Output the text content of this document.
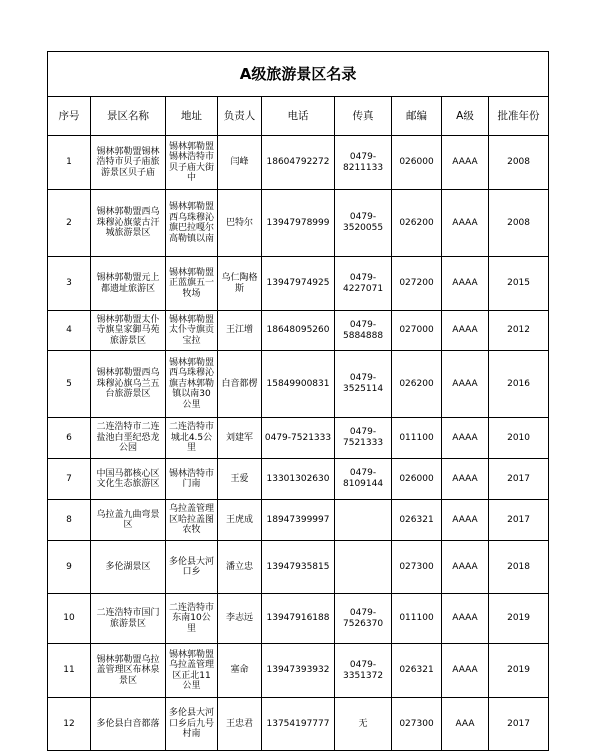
A级旅游景区名录								
序号	景区名称	地址	负责人	电话	传真	邮编	A级	批准年份
1	锡林郭勒盟锡林浩特市贝子庙旅游景区贝子庙	锡林郭勒盟锡林浩特市贝子庙大街中	闫峰	18604792272	0479-8211133	026000	AAAA	2008
2	锡林郭勒盟西乌珠穆沁旗蒙古汗城旅游景区	锡林郭勒盟西乌珠穆沁旗巴拉嘎尔高勒镇以南	巴特尔	13947978999	0479-3520055	026200	AAAA	2008
3	锡林郭勒盟元上都遗址旅游区	锡林郭勒盟正蓝旗五一牧场	乌仁陶格斯	13947974925	0479-4227071	027200	AAAA	2015
4	锡林郭勒盟太仆寺旗皇家御马苑旅游景区	锡林郭勒盟太仆寺旗贡宝拉	王江增	18648095260	0479-5884888	027000	AAAA	2012
5	锡林郭勒盟西乌珠穆沁旗乌兰五台旅游景区	锡林郭勒盟西乌珠穆沁旗吉林郭勒镇以南30公里	白音都楞	15849900831	0479-3525114	026200	AAAA	2016
6	二连浩特市二连盐池白垩纪恐龙公园	二连浩特市城北4.5公里	刘建军	0479-7521333	0479-7521333	011100	AAAA	2010
7	中国马都核心区文化生态旅游区	锡林浩特市门南	王爱	13301302630	0479-8109144	026000	AAAA	2017
8	乌拉盖九曲弯景区	乌拉盖管理区哈拉盖图农牧	王虎成	18947399997		026321	AAAA	2017
9	多伦湖景区	多伦县大河口乡	潘立忠	13947935815		027300	AAAA	2018
10	二连浩特市国门旅游景区	二连浩特市东南10公里	李志远	13947916188	0479-7526370	011100	AAAA	2019
11	锡林郭勒盟乌拉盖管理区布林泉景区	锡林郭勒盟乌拉盖管理区正北11公里	塞命	13947393932	0479-3351372	026321	AAAA	2019
12	多伦县白音都落	多伦县大河口乡后九号村南	王忠君	13754197777	无	027300	AAA	2017
